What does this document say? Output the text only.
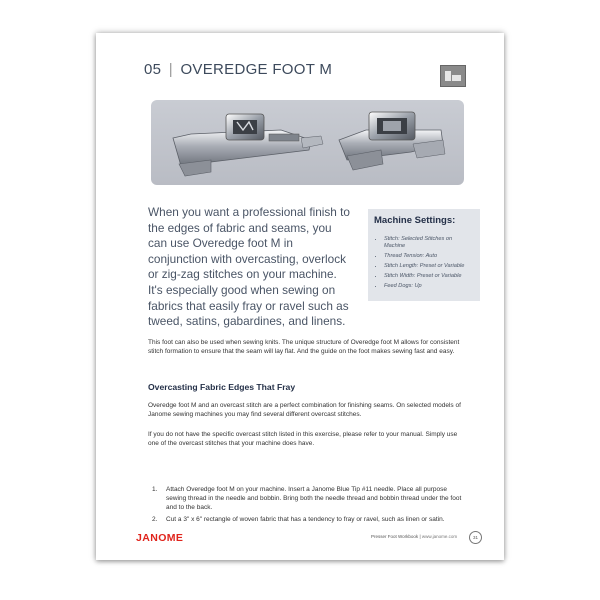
05 | OVEREDGE FOOT M
When you want a professional finish to the edges of fabric and seams, you can use Overedge foot M in conjunction with overcasting, overlock or zig-zag stitches on your machine. It's especially good when sewing on fabrics that easily fray or ravel such as tweed, satins, gabardines, and linens.
Machine Settings:
• Stitch: Selected Stitches on Machine
• Thread Tension: Auto
• Stitch Length: Preset or Variable
• Stitch Width: Preset or Variable
• Feed Dogs: Up
This foot can also be used when sewing knits. The unique structure of Overedge foot M allows for consistent stitch formation to ensure that the seam will lay flat. And the guide on the foot makes sewing fast and easy.
Overcasting Fabric Edges That Fray
Overedge foot M and an overcast stitch are a perfect combination for finishing seams. On selected models of Janome sewing machines you may find several different overcast stitches.
If you do not have the specific overcast stitch listed in this exercise, please refer to your manual. Simply use one of the overcast stitches that your machine does have.
1. Attach Overedge foot M on your machine. Insert a Janome Blue Tip #11 needle. Place all purpose sewing thread in the needle and bobbin. Bring both the needle thread and bobbin thread under the foot and to the back.
2. Cut a 3" x 6" rectangle of woven fabric that has a tendency to fray or ravel, such as linen or satin.
JANOME	Presser Foot Workbook | www.janome.com	31
